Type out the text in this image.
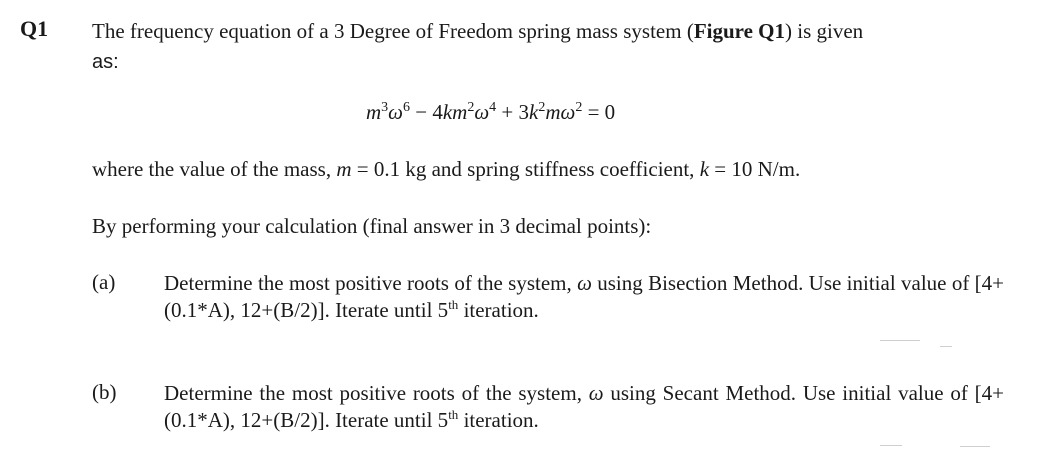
Q1 The frequency equation of a 3 Degree of Freedom spring mass system (Figure Q1) is given
as:
$m^3\omega^6 - 4km^2\omega^4 + 3k^2m\omega^2 = 0$
where the value of the mass, m = 0.1 kg and spring stiffness coefficient, k = 10 N/m.
By performing your calculation (final answer in 3 decimal points):
(a) Determine the most positive roots of the system, ω using Bisection Method. Use initial value of [4+(0.1*A), 12+(B/2)]. Iterate until 5th iteration.
(b) Determine the most positive roots of the system, ω using Secant Method. Use initial value of [4+(0.1*A), 12+(B/2)]. Iterate until 5th iteration.
